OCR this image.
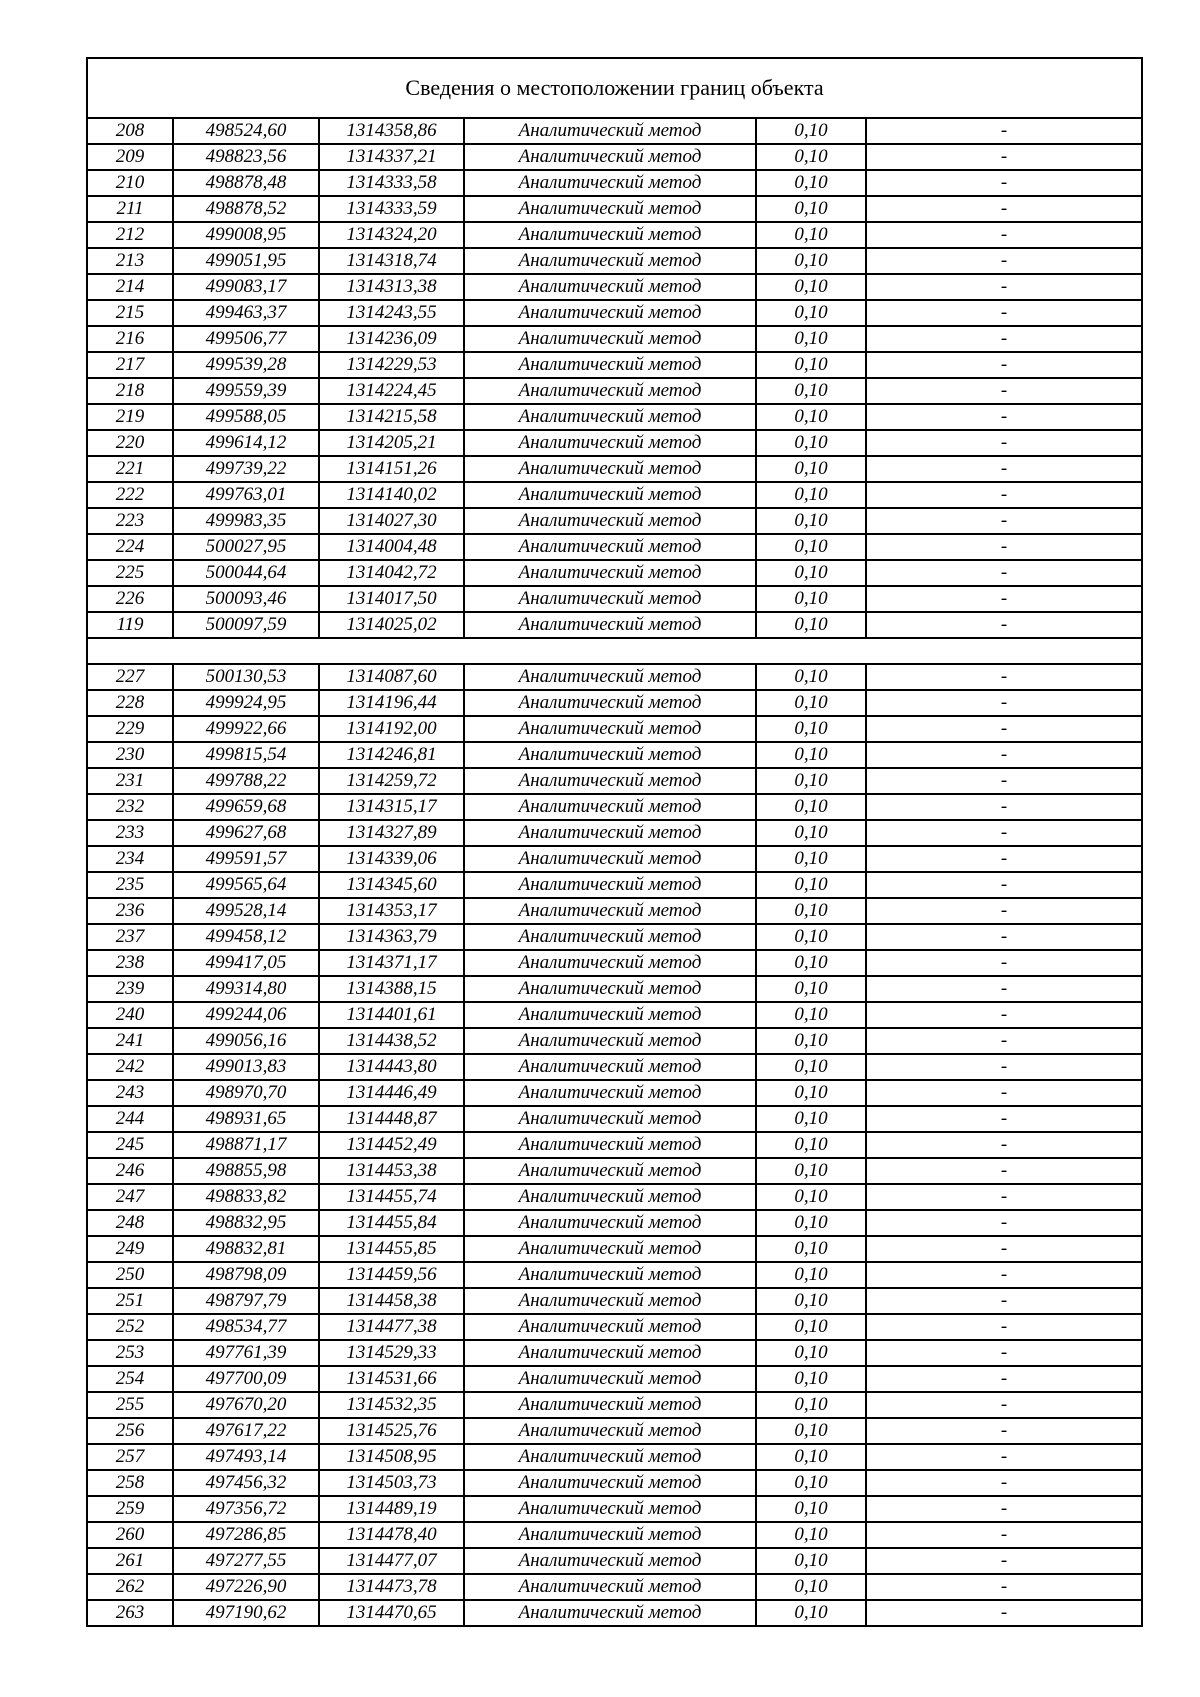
Сведения о местоположении границ объекта					
208	498524,60	1314358,86	Аналитический метод	0,10	-
209	498823,56	1314337,21	Аналитический метод	0,10	-
210	498878,48	1314333,58	Аналитический метод	0,10	-
211	498878,52	1314333,59	Аналитический метод	0,10	-
212	499008,95	1314324,20	Аналитический метод	0,10	-
213	499051,95	1314318,74	Аналитический метод	0,10	-
214	499083,17	1314313,38	Аналитический метод	0,10	-
215	499463,37	1314243,55	Аналитический метод	0,10	-
216	499506,77	1314236,09	Аналитический метод	0,10	-
217	499539,28	1314229,53	Аналитический метод	0,10	-
218	499559,39	1314224,45	Аналитический метод	0,10	-
219	499588,05	1314215,58	Аналитический метод	0,10	-
220	499614,12	1314205,21	Аналитический метод	0,10	-
221	499739,22	1314151,26	Аналитический метод	0,10	-
222	499763,01	1314140,02	Аналитический метод	0,10	-
223	499983,35	1314027,30	Аналитический метод	0,10	-
224	500027,95	1314004,48	Аналитический метод	0,10	-
225	500044,64	1314042,72	Аналитический метод	0,10	-
226	500093,46	1314017,50	Аналитический метод	0,10	-
119	500097,59	1314025,02	Аналитический метод	0,10	-

227	500130,53	1314087,60	Аналитический метод	0,10	-
228	499924,95	1314196,44	Аналитический метод	0,10	-
229	499922,66	1314192,00	Аналитический метод	0,10	-
230	499815,54	1314246,81	Аналитический метод	0,10	-
231	499788,22	1314259,72	Аналитический метод	0,10	-
232	499659,68	1314315,17	Аналитический метод	0,10	-
233	499627,68	1314327,89	Аналитический метод	0,10	-
234	499591,57	1314339,06	Аналитический метод	0,10	-
235	499565,64	1314345,60	Аналитический метод	0,10	-
236	499528,14	1314353,17	Аналитический метод	0,10	-
237	499458,12	1314363,79	Аналитический метод	0,10	-
238	499417,05	1314371,17	Аналитический метод	0,10	-
239	499314,80	1314388,15	Аналитический метод	0,10	-
240	499244,06	1314401,61	Аналитический метод	0,10	-
241	499056,16	1314438,52	Аналитический метод	0,10	-
242	499013,83	1314443,80	Аналитический метод	0,10	-
243	498970,70	1314446,49	Аналитический метод	0,10	-
244	498931,65	1314448,87	Аналитический метод	0,10	-
245	498871,17	1314452,49	Аналитический метод	0,10	-
246	498855,98	1314453,38	Аналитический метод	0,10	-
247	498833,82	1314455,74	Аналитический метод	0,10	-
248	498832,95	1314455,84	Аналитический метод	0,10	-
249	498832,81	1314455,85	Аналитический метод	0,10	-
250	498798,09	1314459,56	Аналитический метод	0,10	-
251	498797,79	1314458,38	Аналитический метод	0,10	-
252	498534,77	1314477,38	Аналитический метод	0,10	-
253	497761,39	1314529,33	Аналитический метод	0,10	-
254	497700,09	1314531,66	Аналитический метод	0,10	-
255	497670,20	1314532,35	Аналитический метод	0,10	-
256	497617,22	1314525,76	Аналитический метод	0,10	-
257	497493,14	1314508,95	Аналитический метод	0,10	-
258	497456,32	1314503,73	Аналитический метод	0,10	-
259	497356,72	1314489,19	Аналитический метод	0,10	-
260	497286,85	1314478,40	Аналитический метод	0,10	-
261	497277,55	1314477,07	Аналитический метод	0,10	-
262	497226,90	1314473,78	Аналитический метод	0,10	-
263	497190,62	1314470,65	Аналитический метод	0,10	-
